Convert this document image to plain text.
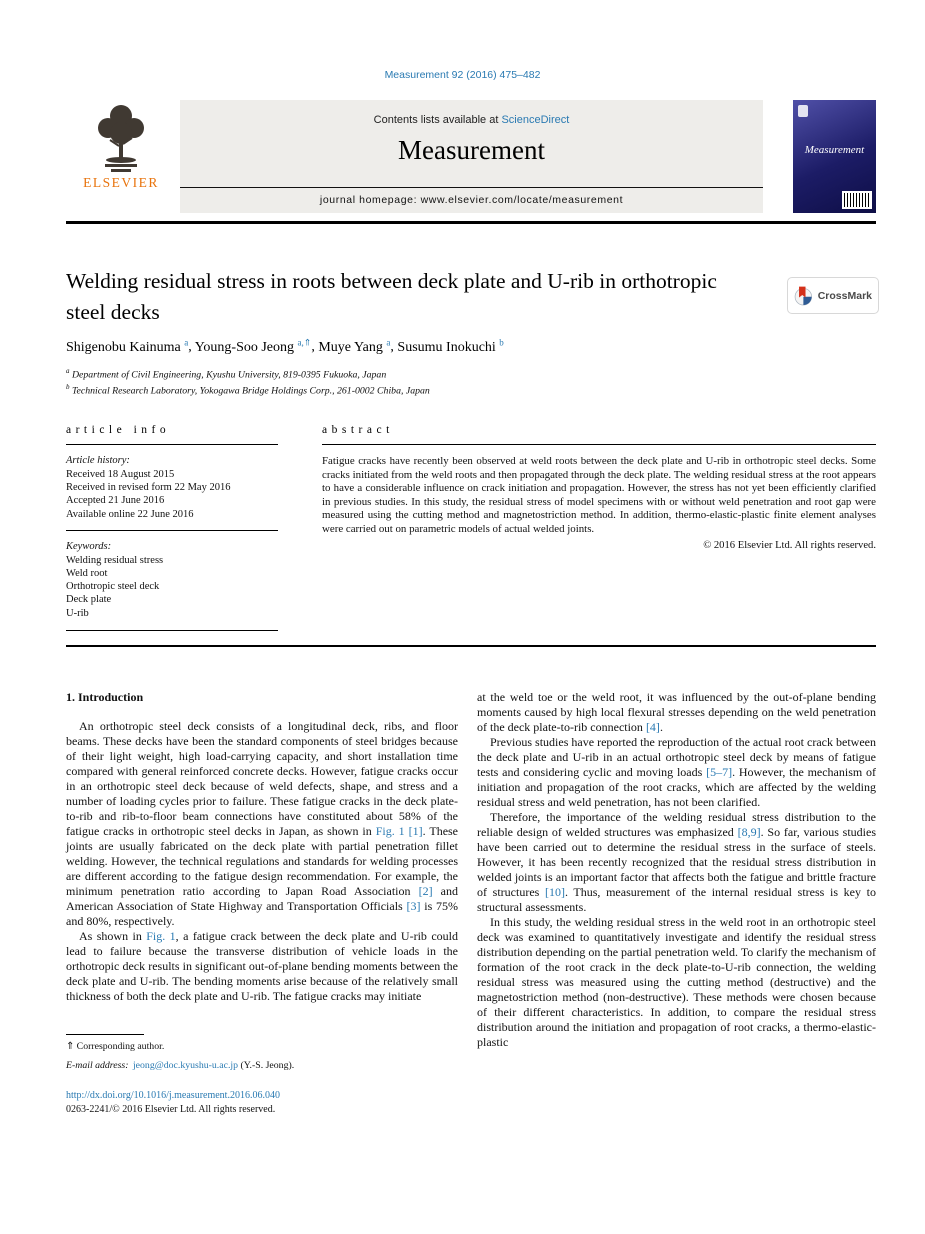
Measurement 92 (2016) 475–482
ELSEVIER
Contents lists available at ScienceDirect
Measurement
journal homepage: www.elsevier.com/locate/measurement
Measurement
Welding residual stress in roots between deck plate and U-rib in orthotropic steel decks
CrossMark
Shigenobu Kainuma $^a$, Young-Soo Jeong $^{a,⇑}$, Muye Yang $^a$, Susumu Inokuchi $^b$
$^a$ Department of Civil Engineering, Kyushu University, 819-0395 Fukuoka, Japan
$^b$ Technical Research Laboratory, Yokogawa Bridge Holdings Corp., 261-0002 Chiba, Japan
article info
Article history:
Received 18 August 2015
Received in revised form 22 May 2016
Accepted 21 June 2016
Available online 22 June 2016
Keywords:
Welding residual stress
Weld root
Orthotropic steel deck
Deck plate
U-rib
abstract

Fatigue cracks have recently been observed at weld roots between the deck plate and U-rib in orthotropic steel decks. Some cracks initiated from the weld roots and then propagated through the deck plate. The welding residual stress at the root appears to have a considerable influence on crack initiation and propagation. However, the stress has not yet been efficiently clarified in previous studies. In this study, the residual stress of model specimens with or without weld penetration and root gap were measured using the cutting method and magnetostriction method. In addition, thermo-elastic-plastic finite element analyses were carried out on parametric models of actual welded joints.

© 2016 Elsevier Ltd. All rights reserved.
1. Introduction

An orthotropic steel deck consists of a longitudinal deck, ribs, and floor beams. These decks have been the standard components of steel bridges because of their light weight, high load-carrying capacity, and short installation time compared with general reinforced concrete decks. However, fatigue cracks occur in an orthotropic steel deck because of weld defects, shape, and stress and a number of loading cycles prior to failure. These fatigue cracks in the deck plate-to-rib and rib-to-floor beam connections have constituted about 58% of the fatigue cracks in orthotropic steel decks in Japan, as shown in Fig. 1 [1]. These joints are usually fabricated on the deck plate with partial penetration fillet welding. However, the technical regulations and standards for welding processes are different according to the fatigue design recommendation. For example, the minimum penetration ratio according to Japan Road Association [2] and American Association of State Highway and Transportation Officials [3] is 75% and 80%, respectively.

As shown in Fig. 1, a fatigue crack between the deck plate and U-rib could lead to failure because the transverse distribution of vehicle loads in the orthotropic deck results in significant out-of-plane bending moments between the deck plate and U-rib. The bending moments arise because of the relatively small thickness of both the deck plate and U-rib. The fatigue cracks may initiate

⇑ Corresponding author.
E-mail address: jeong@doc.kyushu-u.ac.jp (Y.-S. Jeong).
http://dx.doi.org/10.1016/j.measurement.2016.06.040
0263-2241/© 2016 Elsevier Ltd. All rights reserved.

at the weld toe or the weld root, it was influenced by the out-of-plane bending moments caused by high local flexural stresses depending on the weld penetration of the deck plate-to-rib connection [4].

Previous studies have reported the reproduction of the actual root crack between the deck plate and U-rib in an actual orthotropic steel deck by means of fatigue tests and considering cyclic and moving loads [5–7]. However, the mechanism of initiation and propagation of the root cracks, which are affected by the welding residual stress and weld penetration, has not been clarified.

Therefore, the importance of the welding residual stress distribution to the reliable design of welded structures was emphasized [8,9]. So far, various studies have been carried out to determine the residual stress in the surface of steels. However, it has been recently recognized that the residual stress distribution in welded joints is an important factor that affects both the fatigue and brittle fracture of structures [10]. Thus, measurement of the internal residual stress is key to structural assessments.

In this study, the welding residual stress in the weld root in an orthotropic steel deck was examined to quantitatively investigate and identify the residual stress distribution depending on the partial penetration weld. To clarify the mechanism of formation of the root crack in the deck plate-to-U-rib connection, the welding residual stress was measured using the cutting method (destructive) and the magnetostriction method (non-destructive). These methods were chosen because of their different characteristics. In addition, to compare the residual stress distribution around the initiation and propagation of root cracks, a thermo-elastic-plastic
